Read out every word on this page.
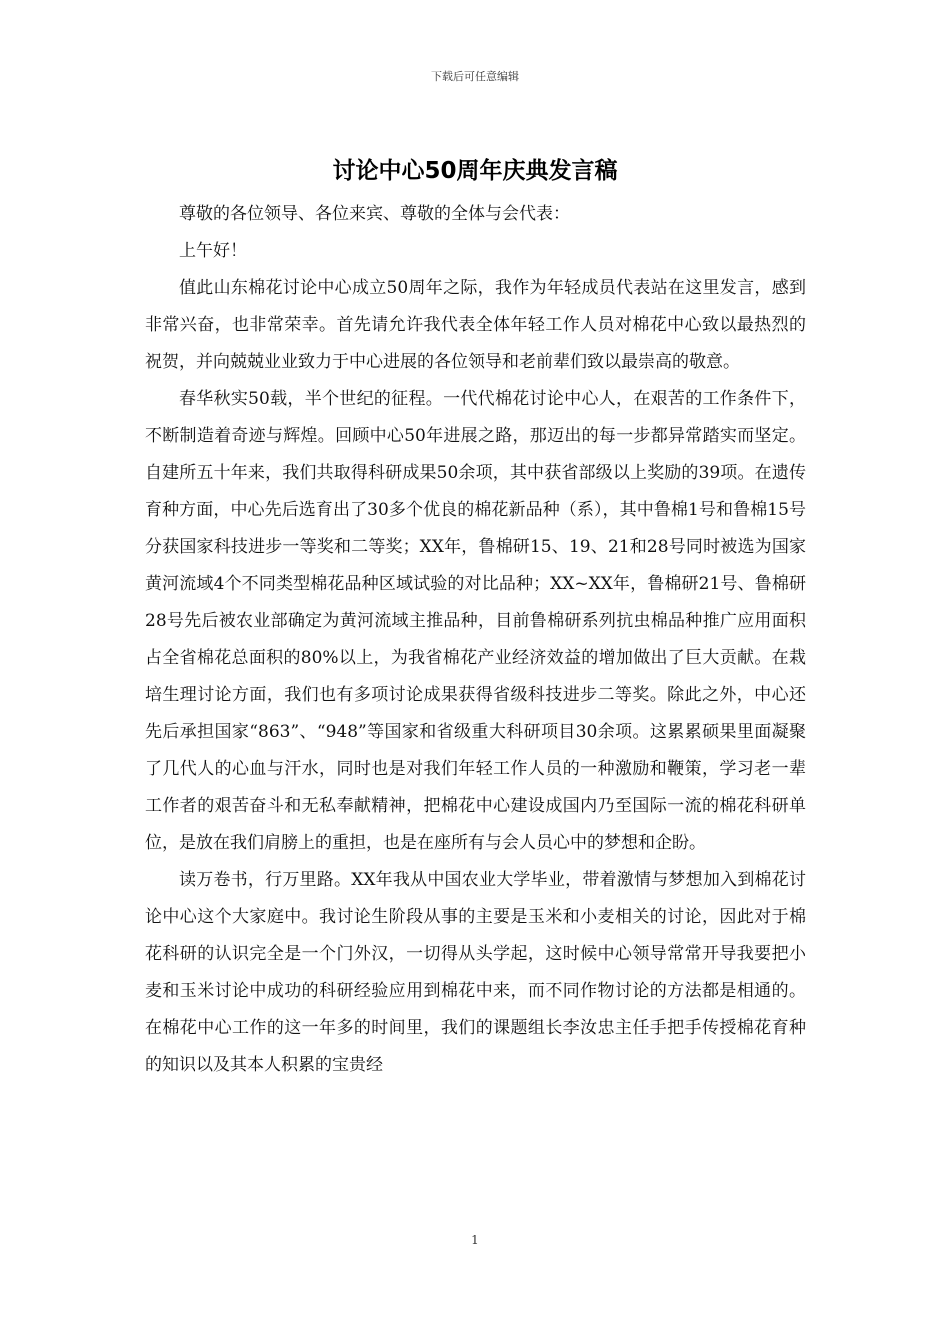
下载后可任意编辑
讨论中心50周年庆典发言稿

尊敬的各位领导、各位来宾、尊敬的全体与会代表：

上午好！

值此山东棉花讨论中心成立50周年之际，我作为年轻成员代表站在这里发言，感到非常兴奋，也非常荣幸。首先请允许我代表全体年轻工作人员对棉花中心致以最热烈的祝贺，并向兢兢业业致力于中心进展的各位领导和老前辈们致以最崇高的敬意。

春华秋实50载，半个世纪的征程。一代代棉花讨论中心人，在艰苦的工作条件下，不断制造着奇迹与辉煌。回顾中心50年进展之路，那迈出的每一步都异常踏实而坚定。自建所五十年来，我们共取得科研成果50余项，其中获省部级以上奖励的39项。在遗传育种方面，中心先后选育出了30多个优良的棉花新品种（系），其中鲁棉1号和鲁棉15号分获国家科技进步一等奖和二等奖；XX年，鲁棉研15、19、21和28号同时被选为国家黄河流域4个不同类型棉花品种区域试验的对比品种；XX~XX年，鲁棉研21号、鲁棉研28号先后被农业部确定为黄河流域主推品种，目前鲁棉研系列抗虫棉品种推广应用面积占全省棉花总面积的80%以上，为我省棉花产业经济效益的增加做出了巨大贡献。在栽培生理讨论方面，我们也有多项讨论成果获得省级科技进步二等奖。除此之外，中心还先后承担国家“863”、“948”等国家和省级重大科研项目30余项。这累累硕果里面凝聚了几代人的心血与汗水，同时也是对我们年轻工作人员的一种激励和鞭策，学习老一辈工作者的艰苦奋斗和无私奉献精神，把棉花中心建设成国内乃至国际一流的棉花科研单位，是放在我们肩膀上的重担，也是在座所有与会人员心中的梦想和企盼。

读万卷书，行万里路。XX年我从中国农业大学毕业，带着激情与梦想加入到棉花讨论中心这个大家庭中。我讨论生阶段从事的主要是玉米和小麦相关的讨论，因此对于棉花科研的认识完全是一个门外汉，一切得从头学起，这时候中心领导常常开导我要把小麦和玉米讨论中成功的科研经验应用到棉花中来，而不同作物讨论的方法都是相通的。在棉花中心工作的这一年多的时间里，我们的课题组长李汝忠主任手把手传授棉花育种的知识以及其本人积累的宝贵经

1
